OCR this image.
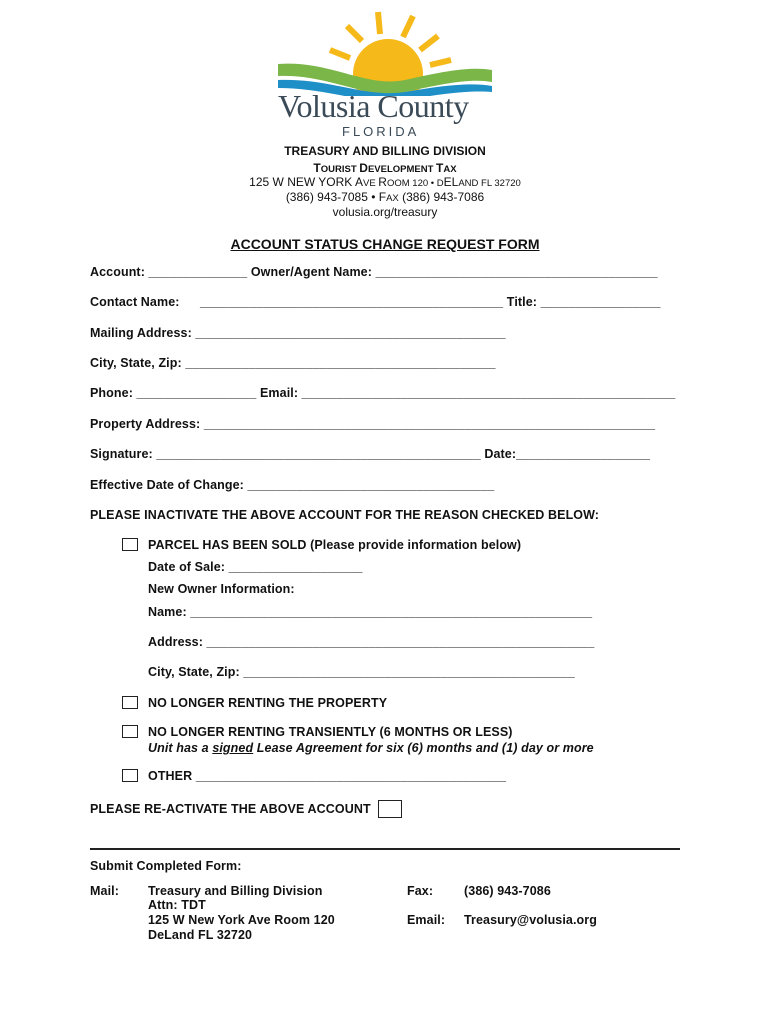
Volusia County
FLORIDA
TREASURY AND BILLING DIVISION
TOURIST DEVELOPMENT TAX
125 W NEW YORK AVE ROOM 120 • DELAND FL 32720
(386) 943-7085 • FAX (386) 943-7086
volusia.org/treasury
ACCOUNT STATUS CHANGE REQUEST FORM
Account: ______________ Owner/Agent Name: ________________________________________
Contact Name: ___________________________________________ Title: _________________
Mailing Address: ____________________________________________
City, State, Zip: ____________________________________________
Phone: _________________ Email: _____________________________________________________
Property Address: ________________________________________________________________
Signature: ______________________________________________ Date:___________________
Effective Date of Change: ___________________________________
PLEASE INACTIVATE THE ABOVE ACCOUNT FOR THE REASON CHECKED BELOW:
PARCEL HAS BEEN SOLD (Please provide information below)
Date of Sale: ___________________
New Owner Information:
Name: _________________________________________________________
Address: _______________________________________________________
City, State, Zip: _______________________________________________
NO LONGER RENTING THE PROPERTY
NO LONGER RENTING TRANSIENTLY (6 MONTHS OR LESS)
Unit has a signed Lease Agreement for six (6) months and (1) day or more
OTHER ____________________________________________
PLEASE RE-ACTIVATE THE ABOVE ACCOUNT
Submit Completed Form:
Mail: Treasury and Billing Division
Attn: TDT
125 W New York Ave Room 120
DeLand FL 32720
Fax: (386) 943-7086
Email: Treasury@volusia.org
